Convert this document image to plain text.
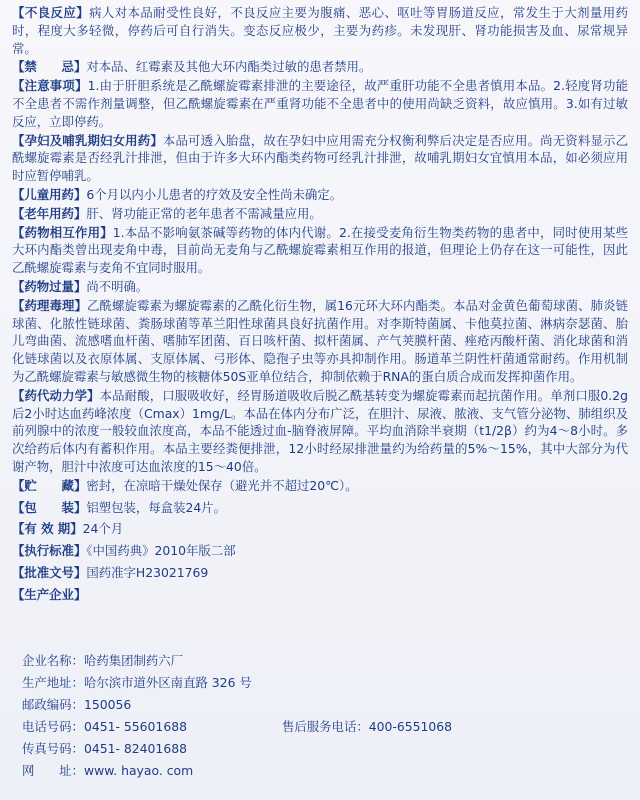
【不良反应】病人对本品耐受性良好，不良反应主要为腹痛、恶心、呕吐等胃肠道反应，常发生于大剂量用药时，程度大多轻微，停药后可自行消失。变态反应极少，主要为药疹。未发现肝、肾功能损害及血、尿常规异常。

【禁　　忌】对本品、红霉素及其他大环内酯类过敏的患者禁用。

【注意事项】1.由于肝胆系统是乙酰螺旋霉素排泄的主要途径，故严重肝功能不全患者慎用本品。2.轻度肾功能不全患者不需作剂量调整，但乙酰螺旋霉素在严重肾功能不全患者中的使用尚缺乏资料，故应慎用。3.如有过敏反应，立即停药。

【孕妇及哺乳期妇女用药】本品可透入胎盘，故在孕妇中应用需充分权衡利弊后决定是否应用。尚无资料显示乙酰螺旋霉素是否经乳汁排泄，但由于许多大环内酯类药物可经乳汁排泄，故哺乳期妇女宜慎用本品，如必须应用时应暂停哺乳。

【儿童用药】6个月以内小儿患者的疗效及安全性尚未确定。

【老年用药】肝、肾功能正常的老年患者不需减量应用。

【药物相互作用】1.本品不影响氨茶碱等药物的体内代谢。2.在接受麦角衍生物类药物的患者中，同时使用某些大环内酯类曾出现麦角中毒，目前尚无麦角与乙酰螺旋霉素相互作用的报道，但理论上仍存在这一可能性，因此乙酰螺旋霉素与麦角不宜同时服用。

【药物过量】尚不明确。

【药理毒理】乙酰螺旋霉素为螺旋霉素的乙酰化衍生物，属16元环大环内酯类。本品对金黄色葡萄球菌、肺炎链球菌、化脓性链球菌、粪肠球菌等革兰阳性球菌具良好抗菌作用。对李斯特菌属、卡他莫拉菌、淋病奈瑟菌、胎儿弯曲菌、流感嗜血杆菌、嗜肺军团菌、百日咳杆菌、拟杆菌属、产气荚膜杆菌、痤疮丙酸杆菌、消化球菌和消化链球菌以及衣原体属、支原体属、弓形体、隐孢子虫等亦具抑制作用。肠道革兰阴性杆菌通常耐药。作用机制为乙酰螺旋霉素与敏感微生物的核糖体50S亚单位结合，抑制依赖于RNA的蛋白质合成而发挥抑菌作用。

【药代动力学】本品耐酸，口服吸收好，经胃肠道吸收后脱乙酰基转变为螺旋霉素而起抗菌作用。单剂口服0.2g后2小时达血药峰浓度（Cmax）1mg/L。本品在体内分布广泛，在胆汁、尿液、脓液、支气管分泌物、肺组织及前列腺中的浓度一般较血浓度高，本品不能透过血-脑脊液屏障。平均血消除半衰期（t1/2β）约为4～8小时。多次给药后体内有蓄积作用。本品主要经粪便排泄，12小时经尿排泄量约为给药量的5%～15%，其中大部分为代谢产物，胆汁中浓度可达血浓度的15～40倍。

【贮　　藏】密封，在凉暗干燥处保存（避光并不超过20℃）。

【包　　装】铝塑包装，每盒装24片。

【有 效 期】24个月

【执行标准】《中国药典》2010年版二部

【批准文号】国药准字H23021769

【生产企业】

企业名称：哈药集团制药六厂
生产地址：哈尔滨市道外区南直路 326 号
邮政编码：150056
电话号码：0451- 55601688	售后服务电话：400-6551068
传真号码：0451- 82401688
网　　址：www. hayao. com
